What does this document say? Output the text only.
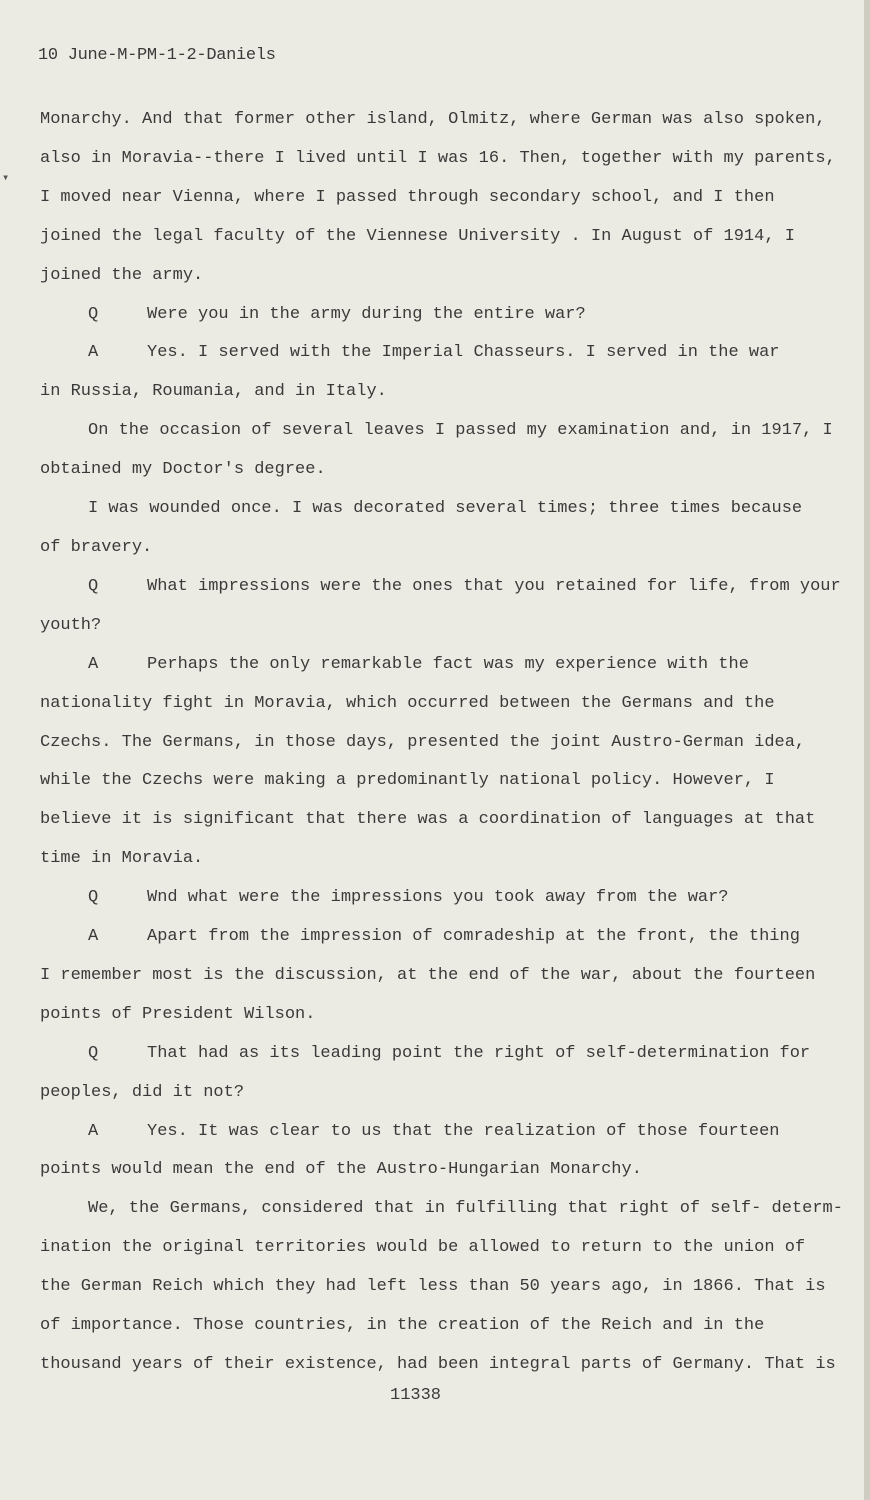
▾
10 June-M-PM-1-2-Daniels
Monarchy. And that former other island, Olmitz, where German was also spoken,
also in Moravia--there I lived until I was 16. Then, together with my parents,
I moved near Vienna, where I passed through secondary school, and I then
joined the legal faculty of the Viennese University . In August of 1914, I
joined the army.
Q	Were you in the army during the entire war?
A	Yes. I served with the Imperial Chasseurs. I served in the war
in Russia, Roumania, and in Italy.
On the occasion of several leaves I passed my examination and, in 1917, I
obtained my Doctor's degree.
I was wounded once. I was decorated several times; three times because
of bravery.
Q	What impressions were the ones that you retained for life, from your
youth?
A	Perhaps the only remarkable fact was my experience with the
nationality fight in Moravia, which occurred between the Germans and the
Czechs. The Germans, in those days, presented the joint Austro-German idea,
while the Czechs were making a predominantly national policy. However, I
believe it is significant that there was a coordination of languages at that
time in Moravia.
Q	Wnd what were the impressions you took away from the war?
A	Apart from the impression of comradeship at the front, the thing
I remember most is the discussion, at the end of the war, about the fourteen
points of President Wilson.
Q	That had as its leading point the right of self-determination for
peoples, did it not?
A	Yes. It was clear to us that the realization of those fourteen
points would mean the end of the Austro-Hungarian Monarchy.
We, the Germans, considered that in fulfilling that right of self- determ-
ination the original territories would be allowed to return to the union of
the German Reich which they had left less than 50 years ago, in 1866. That is
of importance. Those countries, in the creation of the Reich and in the
thousand years of their existence, had been integral parts of Germany. That is
11338
